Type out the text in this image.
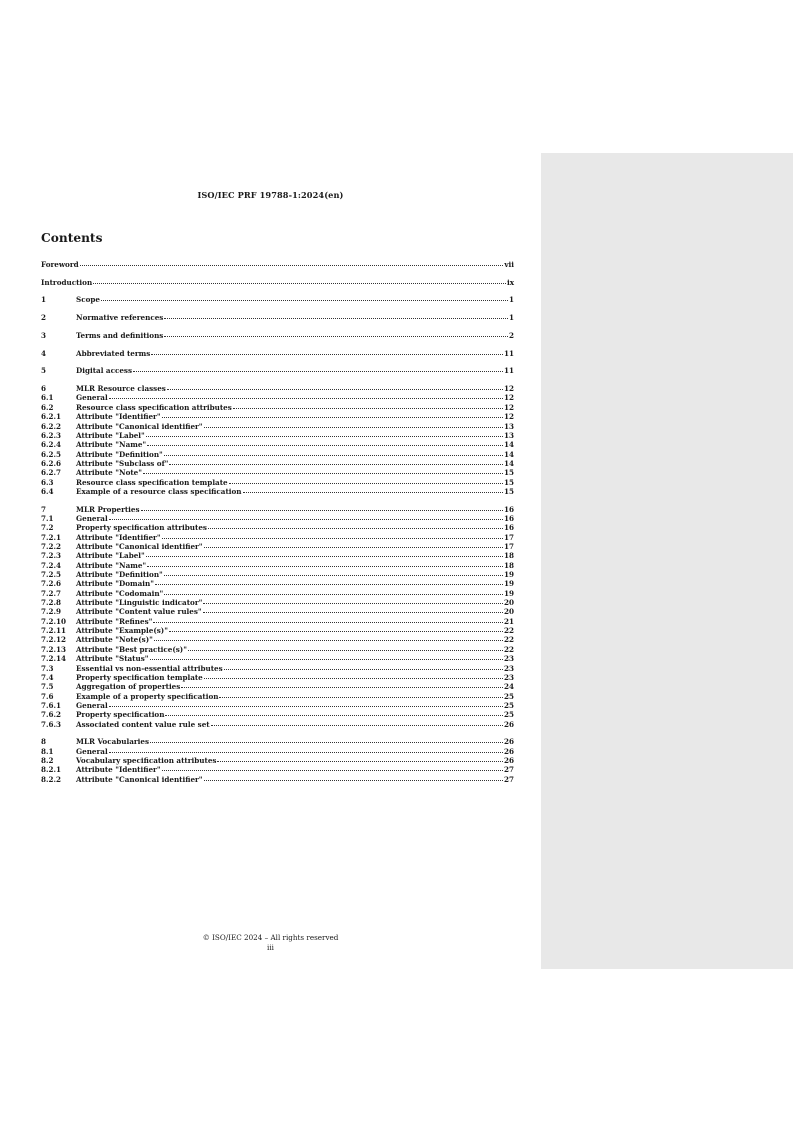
ISO/IEC PRF 19788-1:2024(en)
Contents
Foreword	vii
Introduction	ix
1	Scope	1
2	Normative references	1
3	Terms and definitions	2
4	Abbreviated terms	11
5	Digital access	11
6	MLR Resource classes	12
6.1	General	12
6.2	Resource class specification attributes	12
6.2.1	Attribute "Identifier"	12
6.2.2	Attribute "Canonical identifier"	13
6.2.3	Attribute "Label"	13
6.2.4	Attribute "Name"	14
6.2.5	Attribute "Definition"	14
6.2.6	Attribute "Subclass of"	14
6.2.7	Attribute "Note"	15
6.3	Resource class specification template	15
6.4	Example of a resource class specification	15
7	MLR Properties	16
7.1	General	16
7.2	Property specification attributes	16
7.2.1	Attribute "Identifier"	17
7.2.2	Attribute "Canonical identifier"	17
7.2.3	Attribute "Label"	18
7.2.4	Attribute "Name"	18
7.2.5	Attribute "Definition"	19
7.2.6	Attribute "Domain"	19
7.2.7	Attribute "Codomain"	19
7.2.8	Attribute "Linguistic indicator"	20
7.2.9	Attribute "Content value rules"	20
7.2.10	Attribute "Refines"	21
7.2.11	Attribute "Example(s)"	22
7.2.12	Attribute "Note(s)"	22
7.2.13	Attribute "Best practice(s)"	22
7.2.14	Attribute "Status"	23
7.3	Essential vs non-essential attributes	23
7.4	Property specification template	23
7.5	Aggregation of properties	24
7.6	Example of a property specification	25
7.6.1	General	25
7.6.2	Property specification	25
7.6.3	Associated content value rule set	26
8	MLR Vocabularies	26
8.1	General	26
8.2	Vocabulary specification attributes	26
8.2.1	Attribute "Identifier"	27
8.2.2	Attribute "Canonical identifier"	27
© ISO/IEC 2024 – All rights reserved
iii
